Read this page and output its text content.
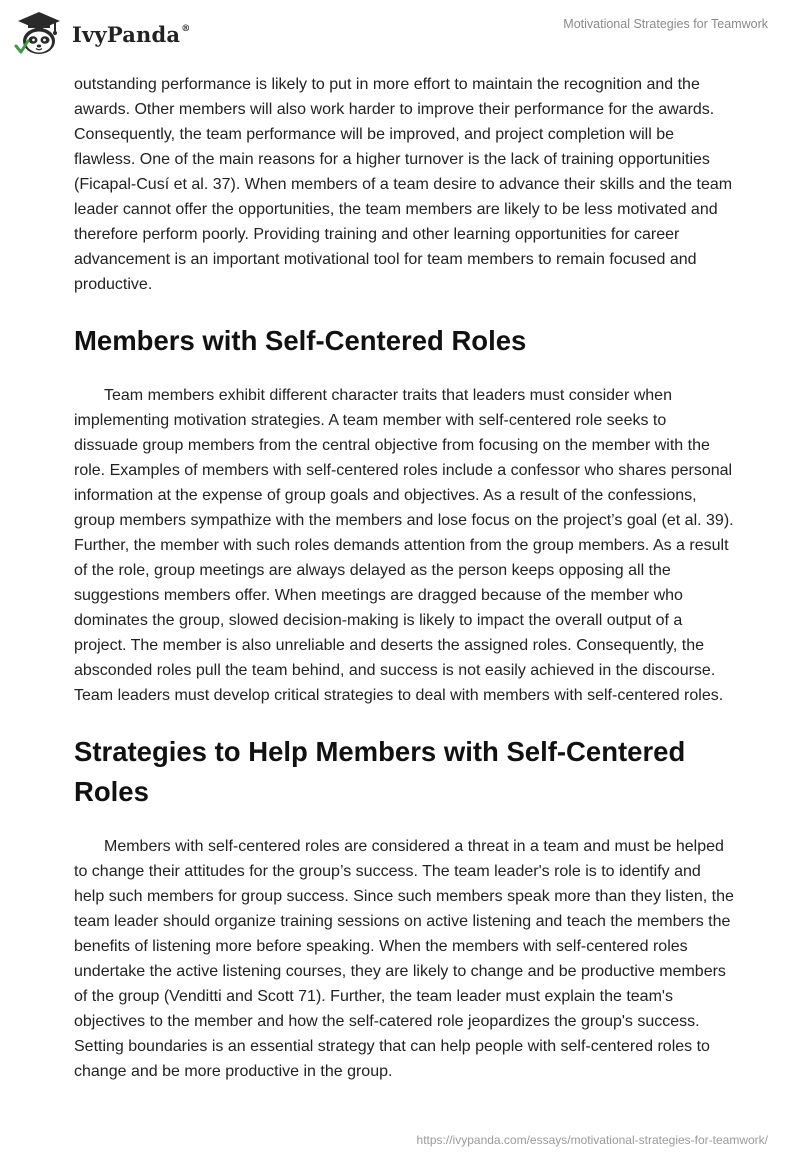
IvyPanda®	Motivational Strategies for Teamwork

outstanding performance is likely to put in more effort to maintain the recognition and the awards. Other members will also work harder to improve their performance for the awards. Consequently, the team performance will be improved, and project completion will be flawless. One of the main reasons for a higher turnover is the lack of training opportunities (Ficapal-Cusí et al. 37). When members of a team desire to advance their skills and the team leader cannot offer the opportunities, the team members are likely to be less motivated and therefore perform poorly. Providing training and other learning opportunities for career advancement is an important motivational tool for team members to remain focused and productive.

Members with Self-Centered Roles

Team members exhibit different character traits that leaders must consider when implementing motivation strategies. A team member with self-centered role seeks to dissuade group members from the central objective from focusing on the member with the role. Examples of members with self-centered roles include a confessor who shares personal information at the expense of group goals and objectives. As a result of the confessions, group members sympathize with the members and lose focus on the project’s goal (et al. 39). Further, the member with such roles demands attention from the group members. As a result of the role, group meetings are always delayed as the person keeps opposing all the suggestions members offer. When meetings are dragged because of the member who dominates the group, slowed decision-making is likely to impact the overall output of a project. The member is also unreliable and deserts the assigned roles. Consequently, the absconded roles pull the team behind, and success is not easily achieved in the discourse. Team leaders must develop critical strategies to deal with members with self-centered roles.

Strategies to Help Members with Self-Centered Roles

Members with self-centered roles are considered a threat in a team and must be helped to change their attitudes for the group’s success. The team leader's role is to identify and help such members for group success. Since such members speak more than they listen, the team leader should organize training sessions on active listening and teach the members the benefits of listening more before speaking. When the members with self-centered roles undertake the active listening courses, they are likely to change and be productive members of the group (Venditti and Scott 71). Further, the team leader must explain the team's objectives to the member and how the self-catered role jeopardizes the group's success. Setting boundaries is an essential strategy that can help people with self-centered roles to change and be more productive in the group.

https://ivypanda.com/essays/motivational-strategies-for-teamwork/
